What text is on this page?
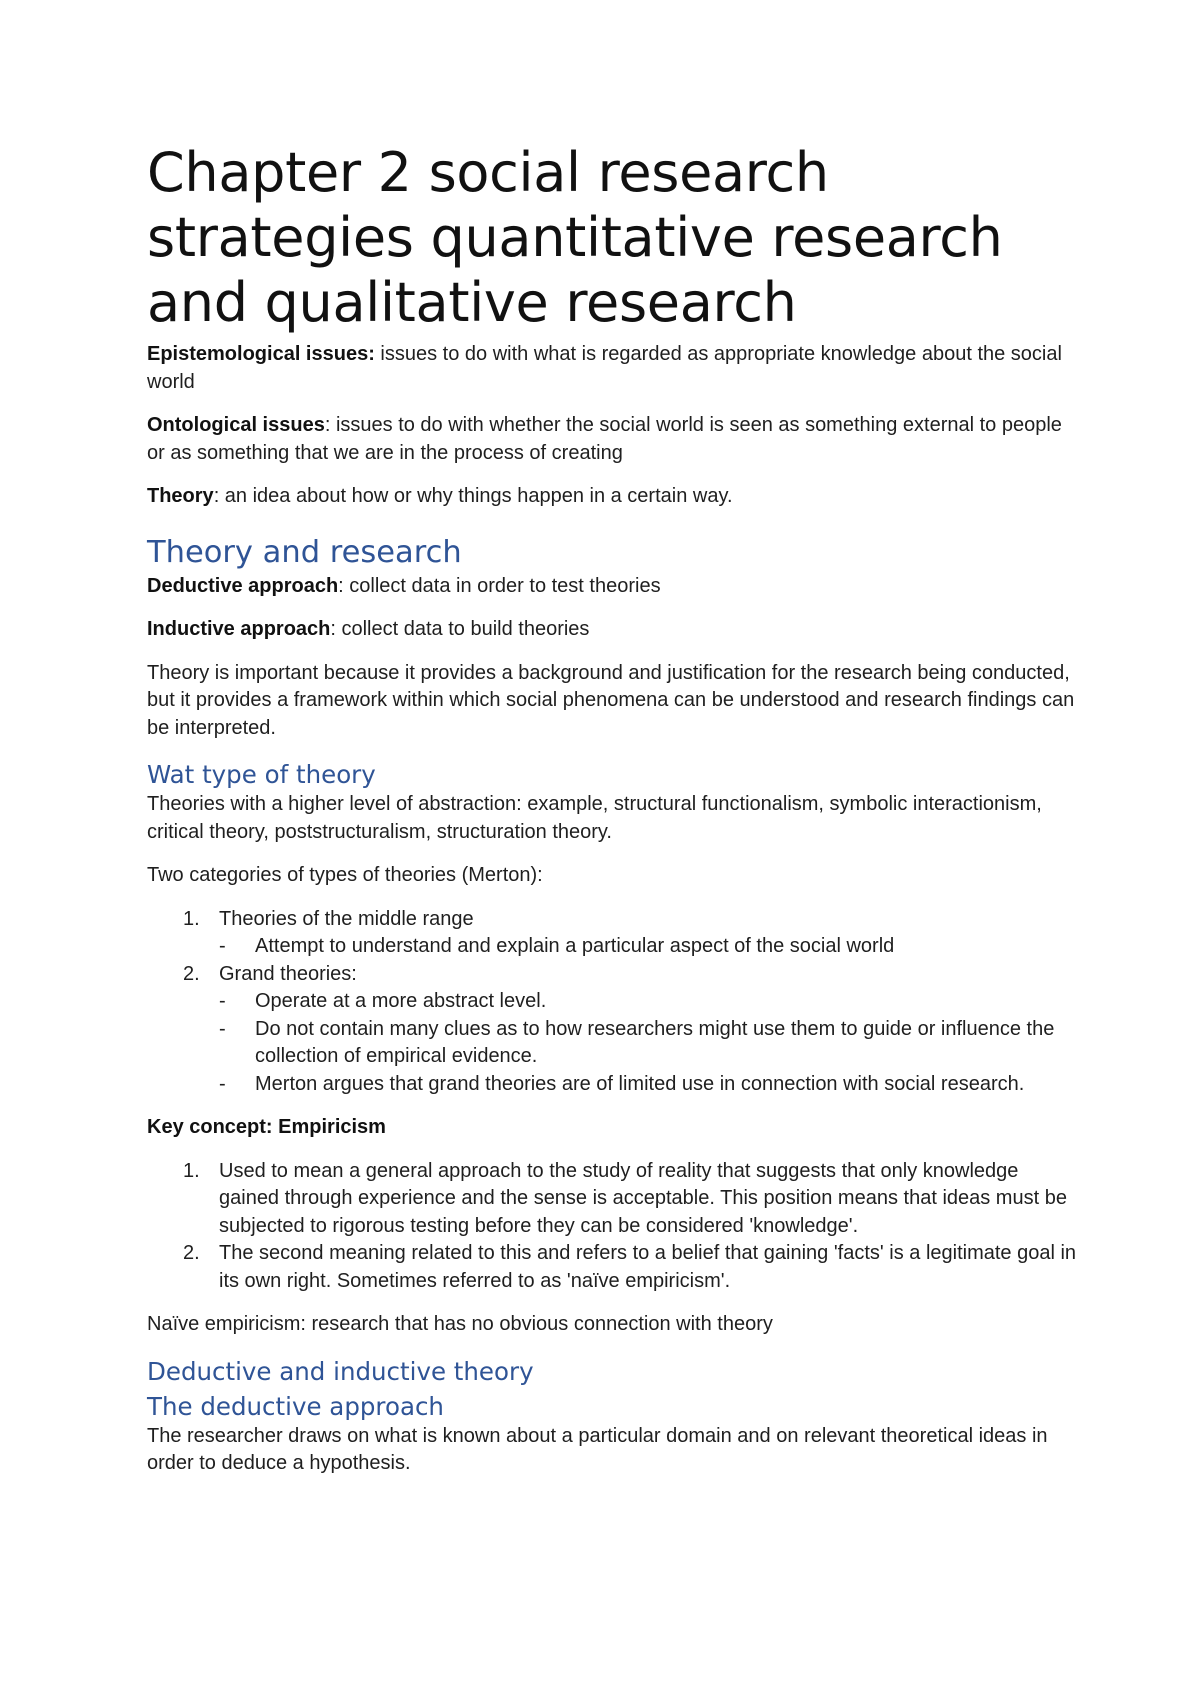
Chapter 2 social research strategies quantitative research and qualitative research

Epistemological issues: issues to do with what is regarded as appropriate knowledge about the social world

Ontological issues: issues to do with whether the social world is seen as something external to people or as something that we are in the process of creating

Theory: an idea about how or why things happen in a certain way.

Theory and research

Deductive approach: collect data in order to test theories

Inductive approach: collect data to build theories

Theory is important because it provides a background and justification for the research being conducted, but it provides a framework within which social phenomena can be understood and research findings can be interpreted.

Wat type of theory

Theories with a higher level of abstraction: example, structural functionalism, symbolic interactionism, critical theory, poststructuralism, structuration theory.

Two categories of types of theories (Merton):

1. Theories of the middle range
- Attempt to understand and explain a particular aspect of the social world
2. Grand theories:
- Operate at a more abstract level.
- Do not contain many clues as to how researchers might use them to guide or influence the collection of empirical evidence.
- Merton argues that grand theories are of limited use in connection with social research.

Key concept: Empiricism

1. Used to mean a general approach to the study of reality that suggests that only knowledge gained through experience and the sense is acceptable. This position means that ideas must be subjected to rigorous testing before they can be considered 'knowledge'.
2. The second meaning related to this and refers to a belief that gaining 'facts' is a legitimate goal in its own right. Sometimes referred to as 'naïve empiricism'.

Naïve empiricism: research that has no obvious connection with theory

Deductive and inductive theory
The deductive approach

The researcher draws on what is known about a particular domain and on relevant theoretical ideas in order to deduce a hypothesis.
